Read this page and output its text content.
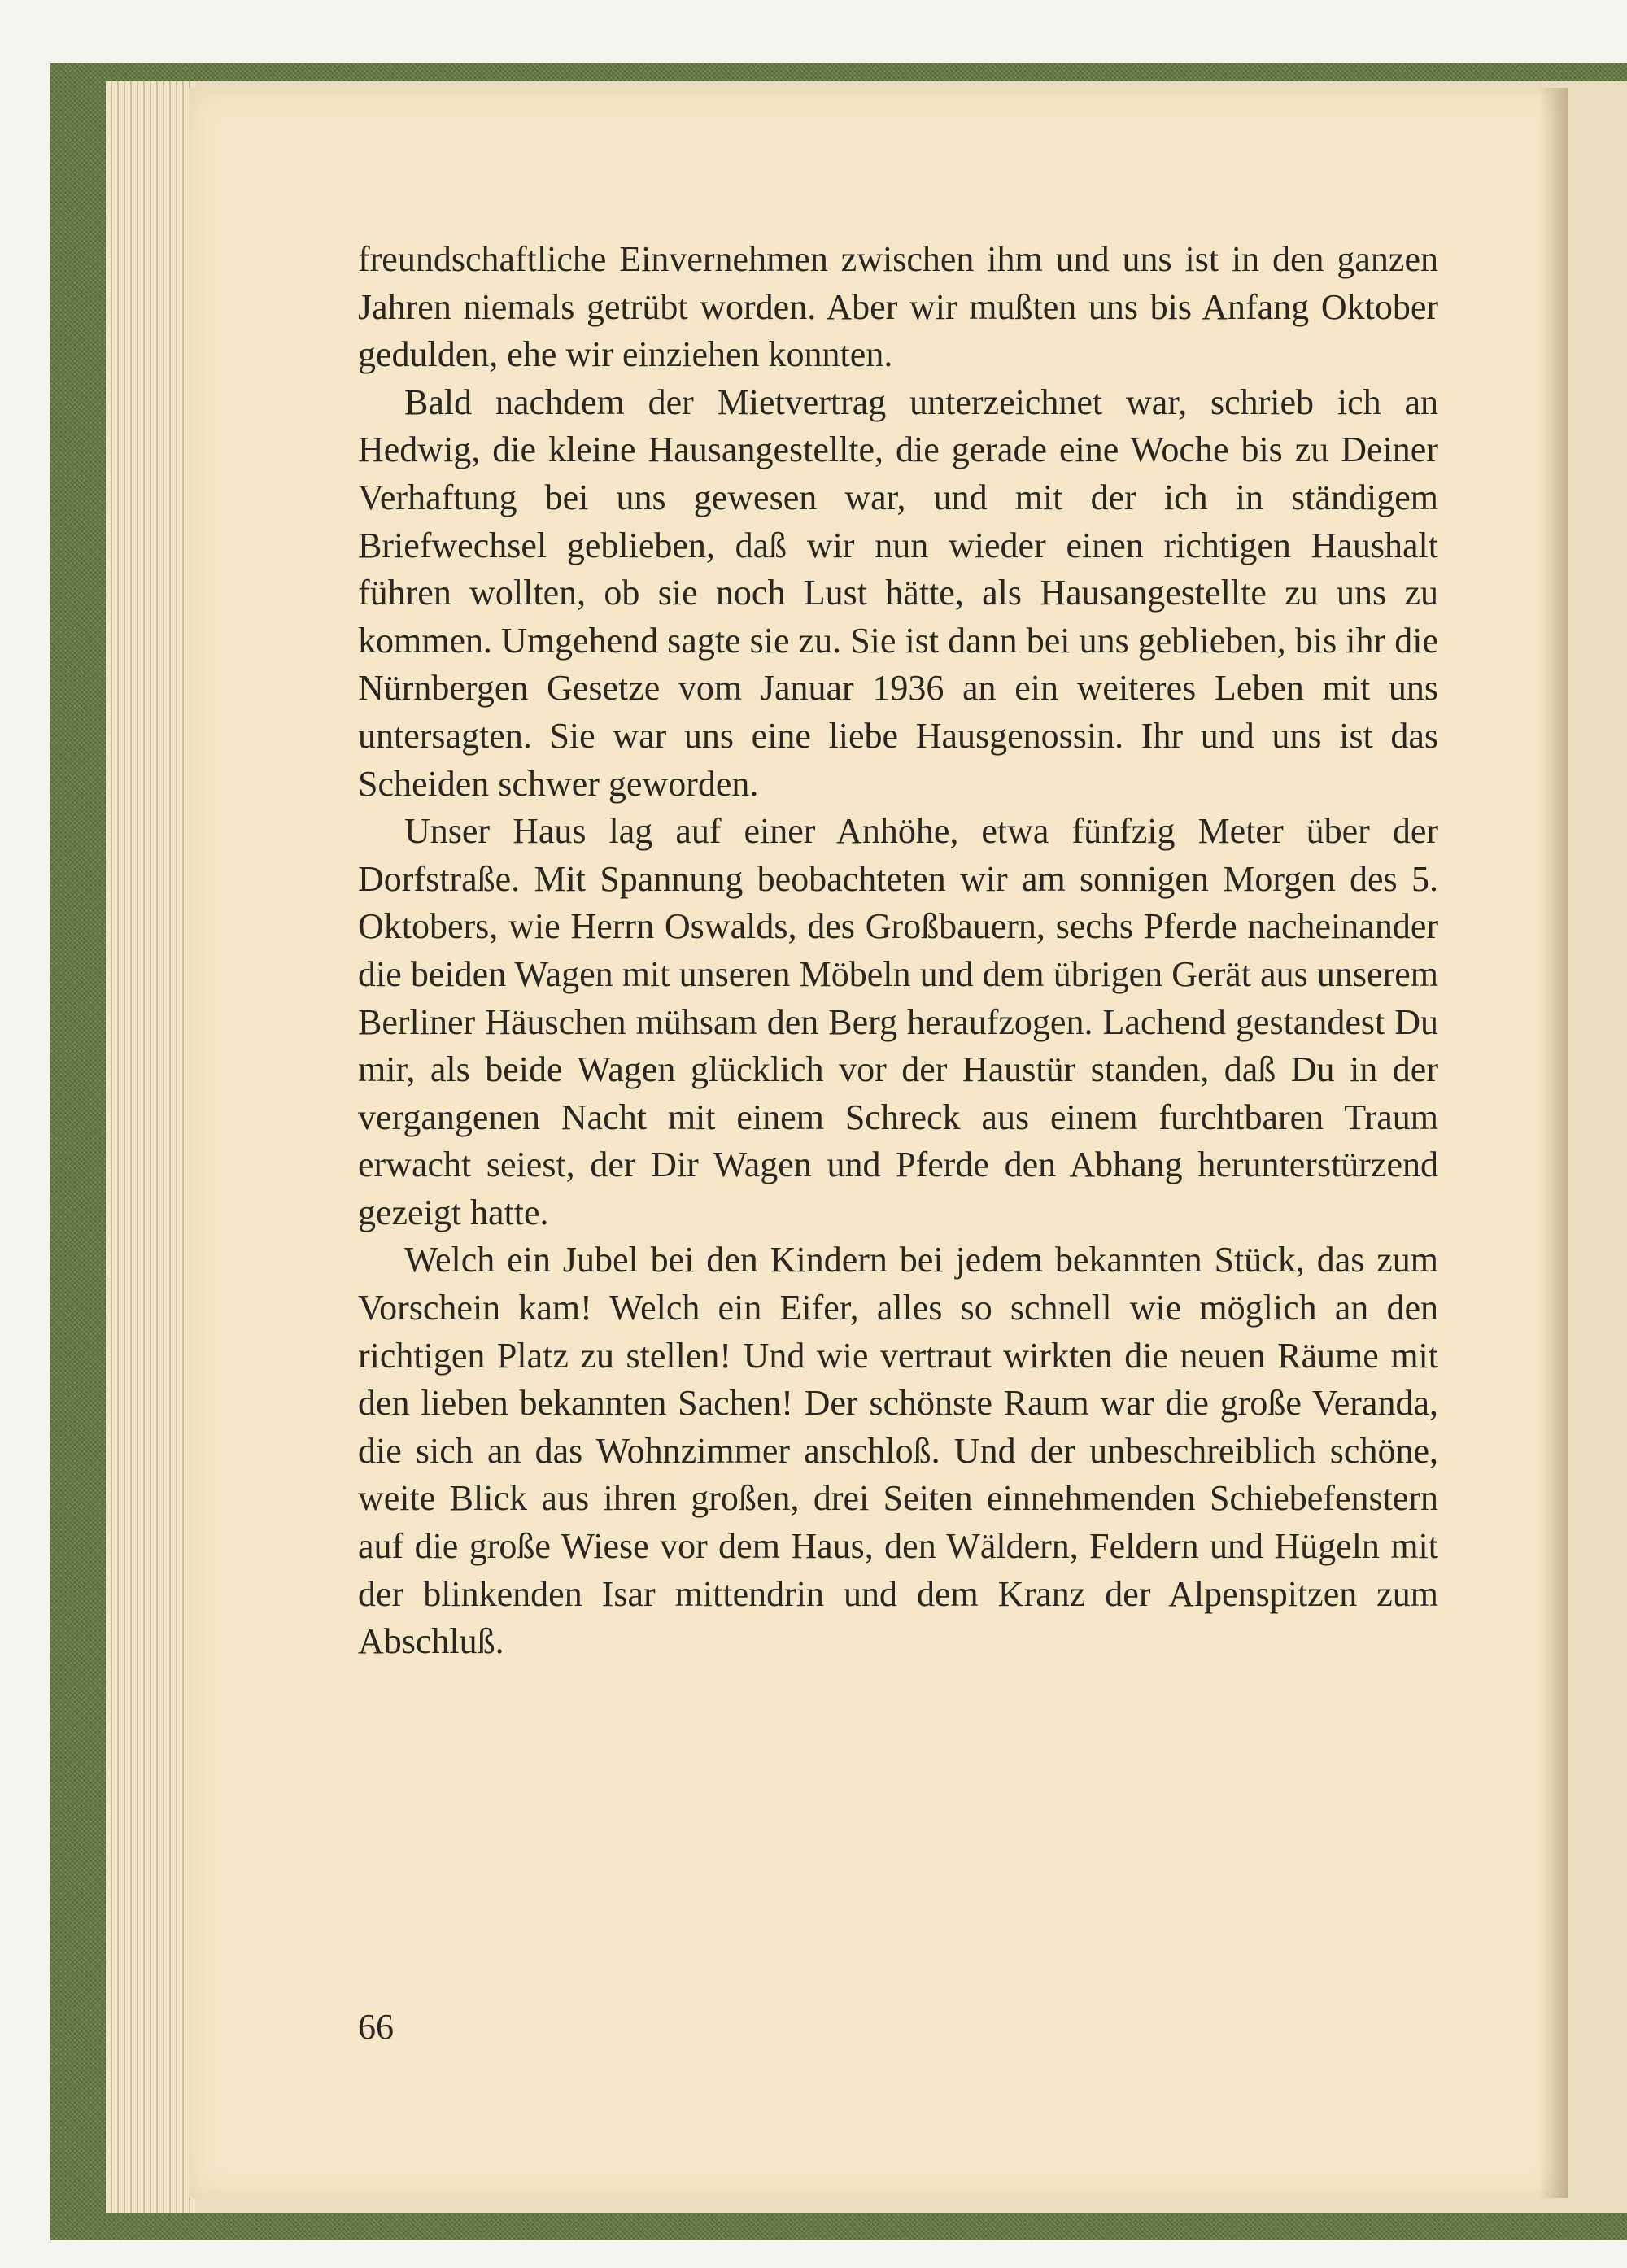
freundschaftliche Einvernehmen zwischen ihm und uns ist in den ganzen Jahren niemals getrübt worden. Aber wir mußten uns bis Anfang Oktober gedulden, ehe wir einziehen konnten.

Bald nachdem der Mietvertrag unterzeichnet war, schrieb ich an Hedwig, die kleine Hausangestellte, die gerade eine Woche bis zu Deiner Verhaftung bei uns gewesen war, und mit der ich in ständigem Briefwechsel geblieben, daß wir nun wieder einen richtigen Haushalt führen wollten, ob sie noch Lust hätte, als Hausangestellte zu uns zu kommen. Umgehend sagte sie zu. Sie ist dann bei uns geblieben, bis ihr die Nürnbergen Gesetze vom Januar 1936 an ein weiteres Leben mit uns untersagten. Sie war uns eine liebe Hausgenossin. Ihr und uns ist das Scheiden schwer geworden.

Unser Haus lag auf einer Anhöhe, etwa fünfzig Meter über der Dorfstraße. Mit Spannung beobachteten wir am sonnigen Morgen des 5. Oktobers, wie Herrn Oswalds, des Großbauern, sechs Pferde nacheinander die beiden Wagen mit unseren Möbeln und dem übrigen Gerät aus unserem Berliner Häuschen mühsam den Berg heraufzogen. Lachend gestandest Du mir, als beide Wagen glücklich vor der Haustür standen, daß Du in der vergangenen Nacht mit einem Schreck aus einem furchtbaren Traum erwacht seiest, der Dir Wagen und Pferde den Abhang herunterstürzend gezeigt hatte.

Welch ein Jubel bei den Kindern bei jedem bekannten Stück, das zum Vorschein kam! Welch ein Eifer, alles so schnell wie möglich an den richtigen Platz zu stellen! Und wie vertraut wirkten die neuen Räume mit den lieben bekannten Sachen! Der schönste Raum war die große Veranda, die sich an das Wohnzimmer anschloß. Und der unbeschreiblich schöne, weite Blick aus ihren großen, drei Seiten einnehmenden Schiebefenstern auf die große Wiese vor dem Haus, den Wäldern, Feldern und Hügeln mit der blinkenden Isar mittendrin und dem Kranz der Alpenspitzen zum Abschluß.

66
